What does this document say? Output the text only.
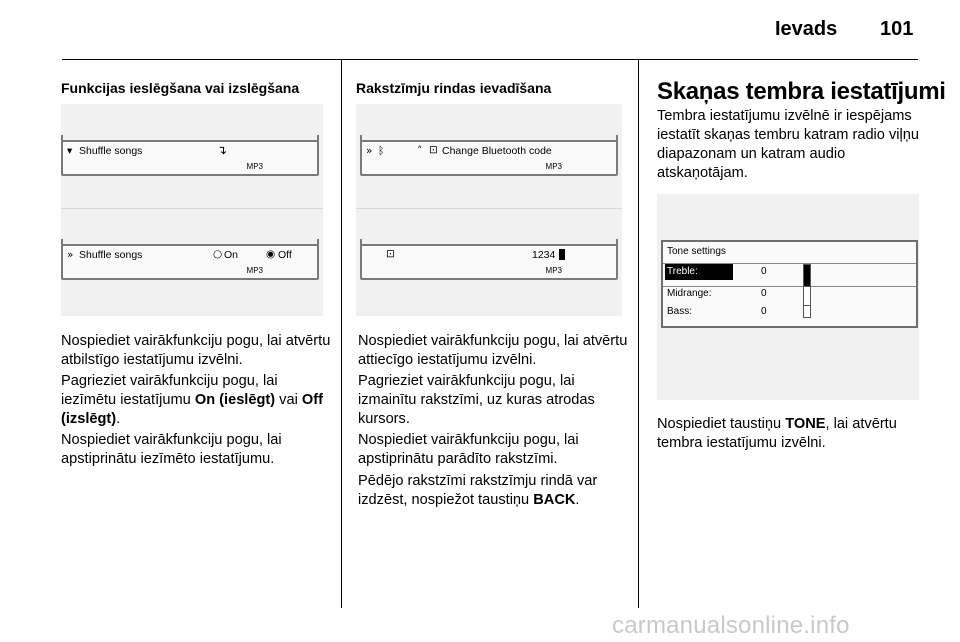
Ievads 101
Funkcijas ieslēgšana vai izslēgšana
▾ Shuffle songs	↴
MP3
» Shuffle songs	○ On	◉ Off
MP3
Nospiediet vairākfunkciju pogu, lai atvērtu atbilstīgo iestatījumu izvēlni.
Pagrieziet vairākfunkciju pogu, lai iezīmētu iestatījumu On (ieslēgt) vai Off (izslēgt).
Nospiediet vairākfunkciju pogu, lai apstiprinātu iezīmēto iestatījumu.
Rakstzīmju rindas ievadīšana
» ᛒ	˄ ⊡ Change Bluetooth code
MP3
⊡	1234
MP3
Nospiediet vairākfunkciju pogu, lai atvērtu attiecīgo iestatījumu izvēlni.
Pagrieziet vairākfunkciju pogu, lai izmainītu rakstzīmi, uz kuras atrodas kursors.
Nospiediet vairākfunkciju pogu, lai apstiprinātu parādīto rakstzīmi.
Pēdējo rakstzīmi rakstzīmju rindā var izdzēst, nospiežot taustiņu BACK.
Skaņas tembra iestatījumi
Tembra iestatījumu izvēlnē ir iespējams iestatīt skaņas tembru katram radio viļņu diapazonam un katram audio atskaņotājam.
Tone settings
Treble:	0
Midrange:	0
Bass:	0
Nospiediet taustiņu TONE, lai atvērtu tembra iestatījumu izvēlni.
carmanualsonline.info
